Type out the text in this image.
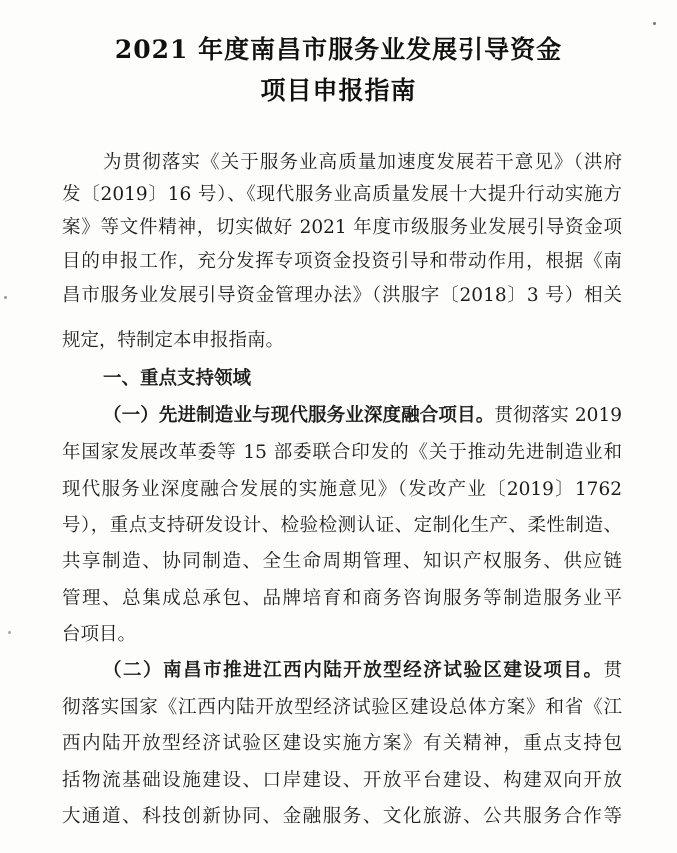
2021 年度南昌市服务业发展引导资金
项目申报指南
为贯彻落实《关于服务业高质量加速度发展若干意见》（洪府
发〔2019〕16 号）、《现代服务业高质量发展十大提升行动实施方
案》等文件精神，切实做好 2021 年度市级服务业发展引导资金项
目的申报工作，充分发挥专项资金投资引导和带动作用，根据《南
昌市服务业发展引导资金管理办法》（洪服字〔2018〕3 号）相关
规定，特制定本申报指南。
一、重点支持领域
（一）先进制造业与现代服务业深度融合项目。贯彻落实 2019
年国家发展改革委等 15 部委联合印发的《关于推动先进制造业和
现代服务业深度融合发展的实施意见》（发改产业〔2019〕1762
号），重点支持研发设计、检验检测认证、定制化生产、柔性制造、
共享制造、协同制造、全生命周期管理、知识产权服务、供应链
管理、总集成总承包、品牌培育和商务咨询服务等制造服务业平
台项目。
（二）南昌市推进江西内陆开放型经济试验区建设项目。贯
彻落实国家《江西内陆开放型经济试验区建设总体方案》和省《江
西内陆开放型经济试验区建设实施方案》有关精神，重点支持包
括物流基础设施建设、口岸建设、开放平台建设、构建双向开放
大通道、科技创新协同、金融服务、文化旅游、公共服务合作等
